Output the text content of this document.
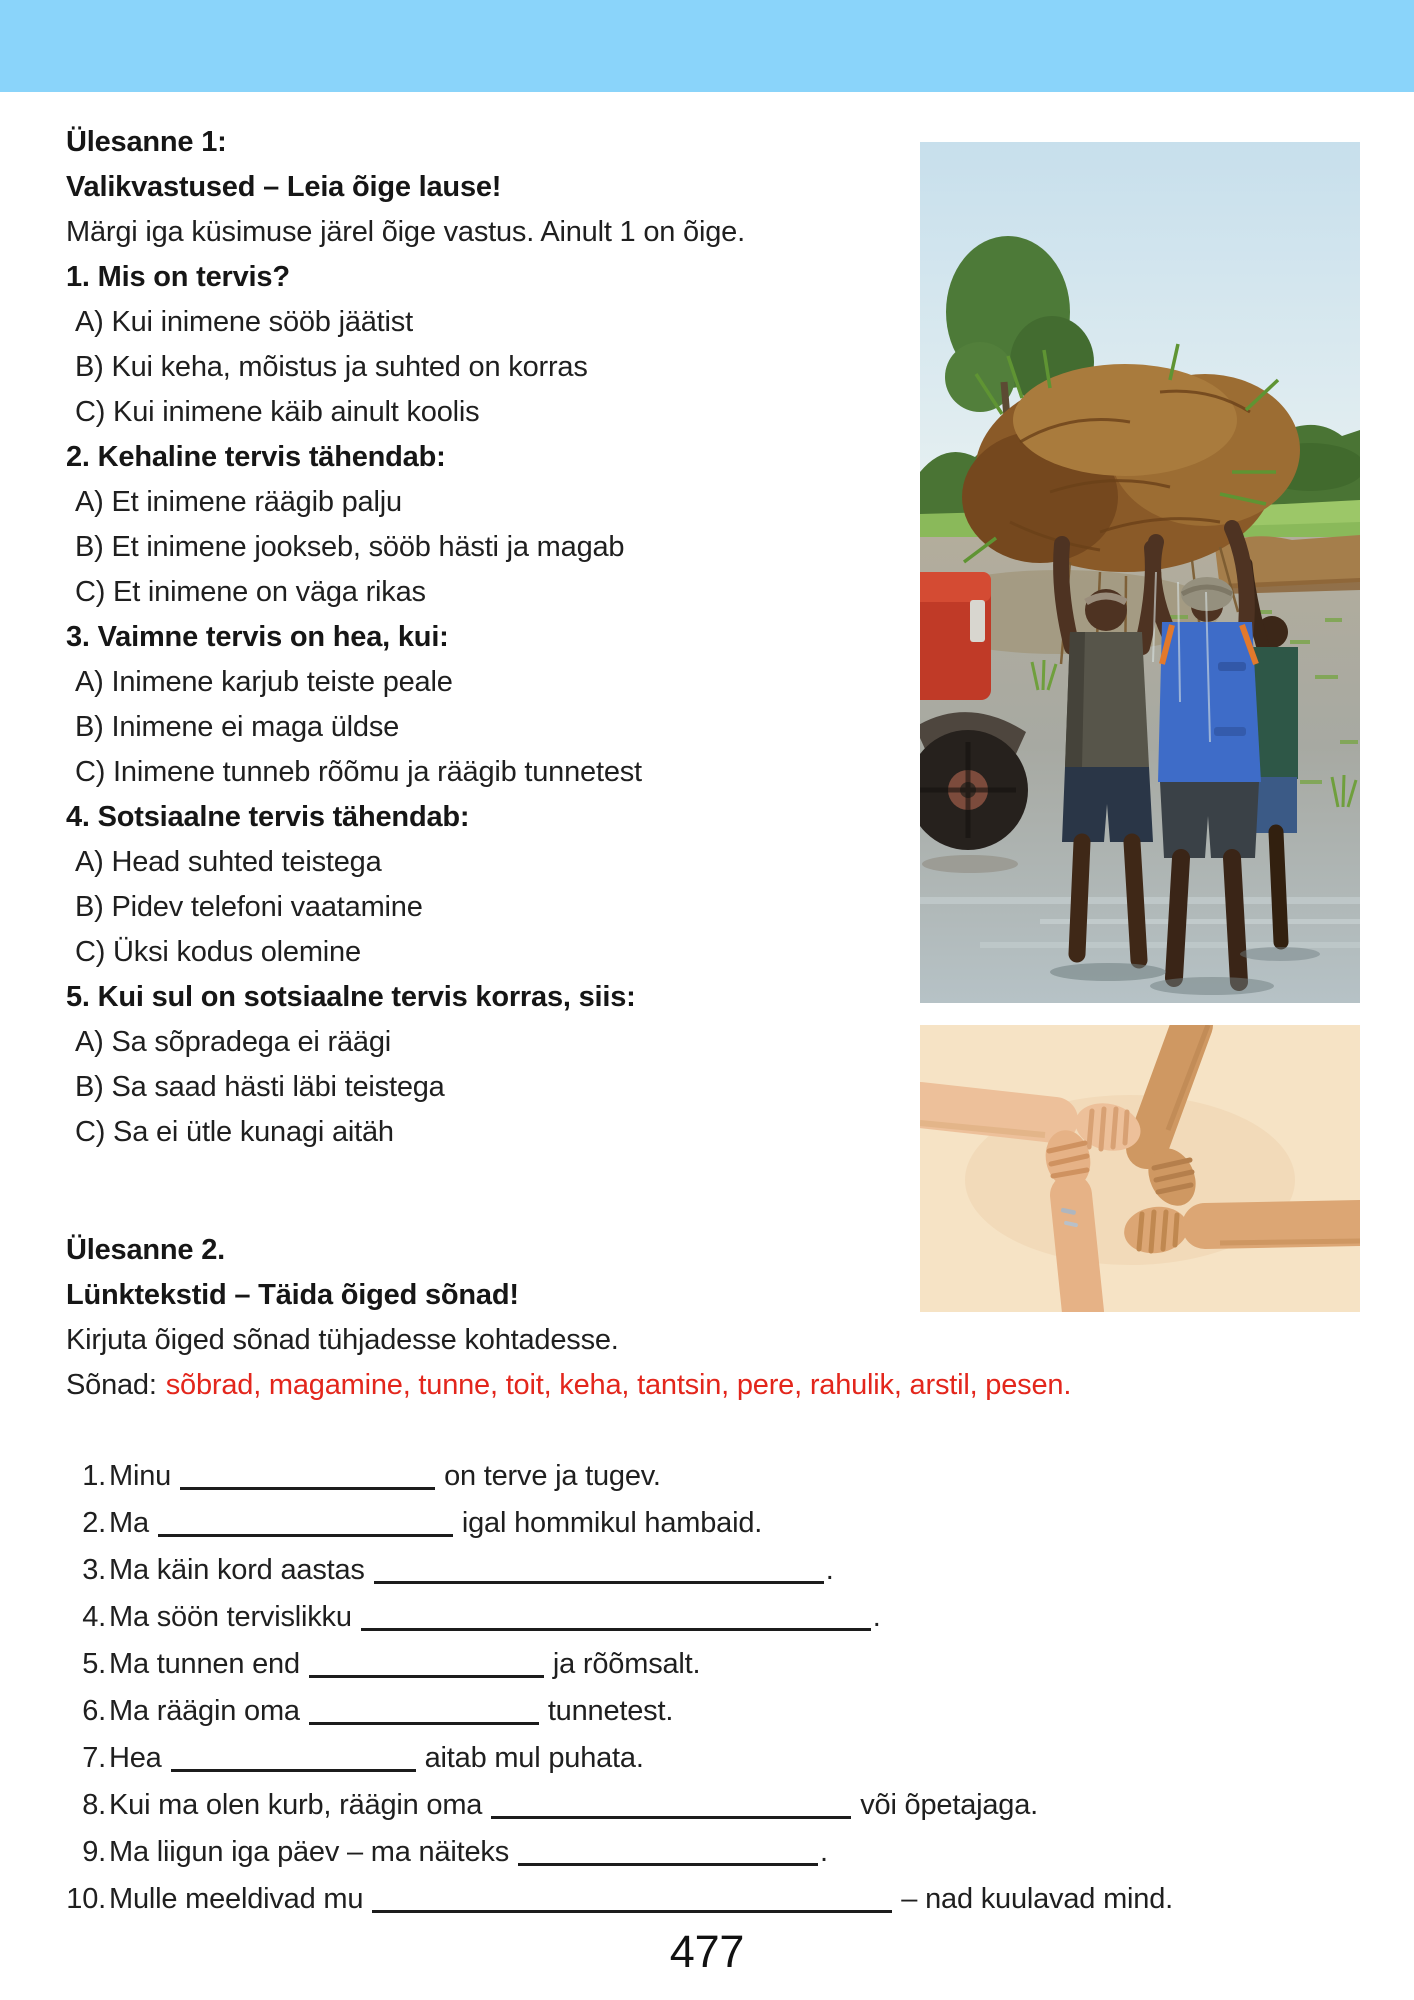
Ülesanne 1:
Valikvastused – Leia õige lause!
Märgi iga küsimuse järel õige vastus. Ainult 1 on õige.
1. Mis on tervis?
A) Kui inimene sööb jäätist
B) Kui keha, mõistus ja suhted on korras
C) Kui inimene käib ainult koolis
2. Kehaline tervis tähendab:
A) Et inimene räägib palju
B) Et inimene jookseb, sööb hästi ja magab
C) Et inimene on väga rikas
3. Vaimne tervis on hea, kui:
A) Inimene karjub teiste peale
B) Inimene ei maga üldse
C) Inimene tunneb rõõmu ja räägib tunnetest
4. Sotsiaalne tervis tähendab:
A) Head suhted teistega
B) Pidev telefoni vaatamine
C) Üksi kodus olemine
5. Kui sul on sotsiaalne tervis korras, siis:
A) Sa sõpradega ei räägi
B) Sa saad hästi läbi teistega
C) Sa ei ütle kunagi aitäh
Ülesanne 2.
Lünktekstid – Täida õiged sõnad!
Kirjuta õiged sõnad tühjadesse kohtadesse.
Sõnad: sõbrad, magamine, tunne, toit, keha, tantsin, pere, rahulik, arstil, pesen.
1. Minu	on terve ja tugev.
2. Ma	igal hommikul hambaid.
3. Ma käin kord aastas	.
4. Ma söön tervislikku	.
5. Ma tunnen end	ja rõõmsalt.
6. Ma räägin oma	tunnetest.
7. Hea	aitab mul puhata.
8. Kui ma olen kurb, räägin oma	või õpetajaga.
9. Ma liigun iga päev – ma näiteks	.
10. Mulle meeldivad mu	– nad kuulavad mind.
477
